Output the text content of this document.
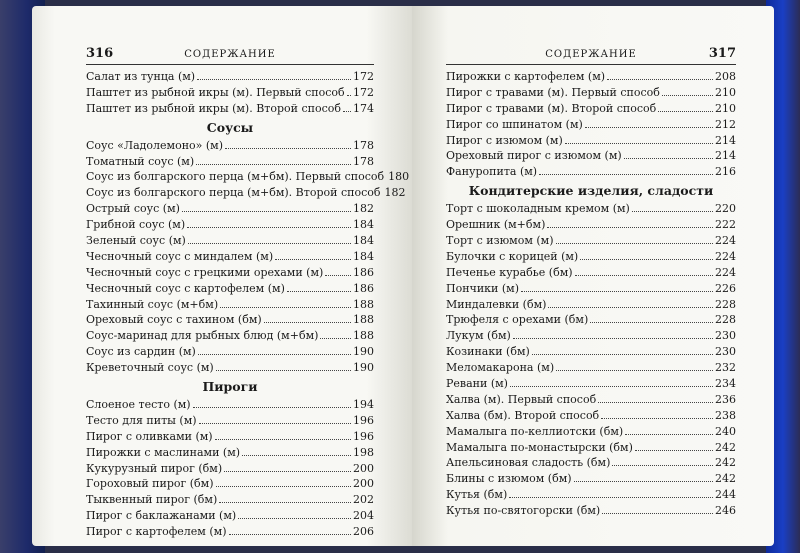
316	СОДЕРЖАНИЕ
Салат из тунца (м)	172
Паштет из рыбной икры (м). Первый способ 172
Паштет из рыбной икры (м). Второй способ 174
Соусы
Соус «Ладолемоно» (м)	178
Томатный соус (м)	178
Соус из болгарского перца (м+бм). Первый способ 180
Соус из болгарского перца (м+бм). Второй способ 182
Острый соус (м)	182
Грибной соус (м)	184
Зеленый соус (м)	184
Чесночный соус с миндалем (м)	184
Чесночный соус с грецкими орехами (м)	186
Чесночный соус с картофелем (м)	186
Тахинный соус (м+бм)	188
Ореховый соус с тахином (бм)	188
Соус-маринад для рыбных блюд (м+бм)	188
Соус из сардин (м)	190
Креветочный соус (м)	190
Пироги
Слоеное тесто (м)	194
Тесто для питы (м)	196
Пирог с оливками (м)	196
Пирожки с маслинами (м)	198
Кукурузный пирог (бм)	200
Гороховый пирог (бм)	200
Тыквенный пирог (бм)	202
Пирог с баклажанами (м)	204
Пирог с картофелем (м)	206
СОДЕРЖАНИЕ	317
Пирожки с картофелем (м)	208
Пирог с травами (м). Первый способ	210
Пирог с травами (м). Второй способ	210
Пирог со шпинатом (м)	212
Пирог с изюмом (м)	214
Ореховый пирог с изюмом (м)	214
Фануропита (м)	216
Кондитерские изделия, сладости
Торт с шоколадным кремом (м)	220
Орешник (м+бм)	222
Торт с изюмом (м)	224
Булочки с корицей (м)	224
Печенье курабье (бм)	224
Пончики (м)	226
Миндалевки (бм)	228
Трюфеля с орехами (бм)	228
Лукум (бм)	230
Козинаки (бм)	230
Меломакарона (м)	232
Ревани (м)	234
Халва (м). Первый способ	236
Халва (бм). Второй способ	238
Мамалыга по-келлиотски (бм)	240
Мамалыга по-монастырски (бм)	242
Апельсиновая сладость (бм)	242
Блины с изюмом (бм)	242
Кутья (бм)	244
Кутья по-святогорски (бм)	246
